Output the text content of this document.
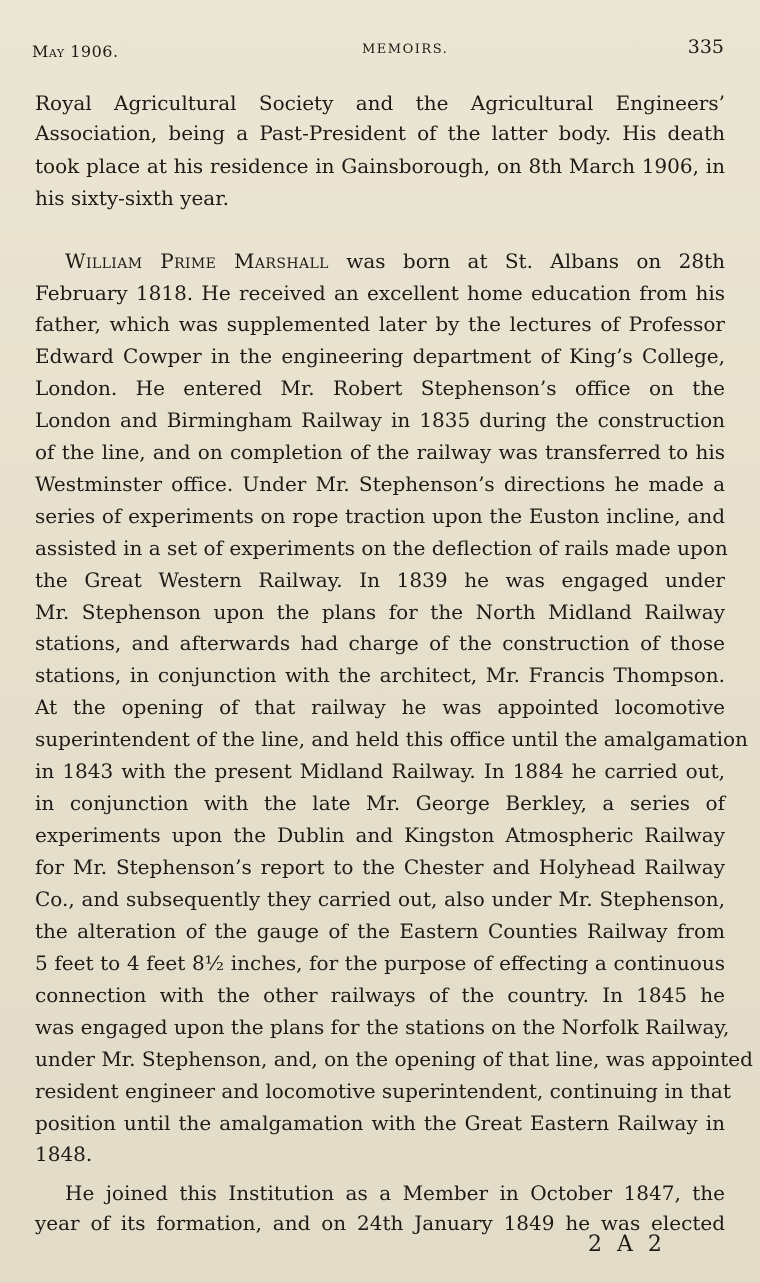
May 1906.	MEMOIRS.	335
Royal Agricultural Society and the Agricultural Engineers’
Association, being a Past-President of the latter body. His death
took place at his residence in Gainsborough, on 8th March 1906, in
his sixty-sixth year.
William Prime Marshall was born at St. Albans on 28th
February 1818. He received an excellent home education from his
father, which was supplemented later by the lectures of Professor
Edward Cowper in the engineering department of King’s College,
London. He entered Mr. Robert Stephenson’s office on the
London and Birmingham Railway in 1835 during the construction
of the line, and on completion of the railway was transferred to his
Westminster office. Under Mr. Stephenson’s directions he made a
series of experiments on rope traction upon the Euston incline, and
assisted in a set of experiments on the deflection of rails made upon
the Great Western Railway. In 1839 he was engaged under
Mr. Stephenson upon the plans for the North Midland Railway
stations, and afterwards had charge of the construction of those
stations, in conjunction with the architect, Mr. Francis Thompson.
At the opening of that railway he was appointed locomotive
superintendent of the line, and held this office until the amalgamation
in 1843 with the present Midland Railway. In 1884 he carried out,
in conjunction with the late Mr. George Berkley, a series of
experiments upon the Dublin and Kingston Atmospheric Railway
for Mr. Stephenson’s report to the Chester and Holyhead Railway
Co., and subsequently they carried out, also under Mr. Stephenson,
the alteration of the gauge of the Eastern Counties Railway from
5 feet to 4 feet 8½ inches, for the purpose of effecting a continuous
connection with the other railways of the country. In 1845 he
was engaged upon the plans for the stations on the Norfolk Railway,
under Mr. Stephenson, and, on the opening of that line, was appointed
resident engineer and locomotive superintendent, continuing in that
position until the amalgamation with the Great Eastern Railway in
1848.
He joined this Institution as a Member in October 1847, the
year of its formation, and on 24th January 1849 he was elected
2 A 2
